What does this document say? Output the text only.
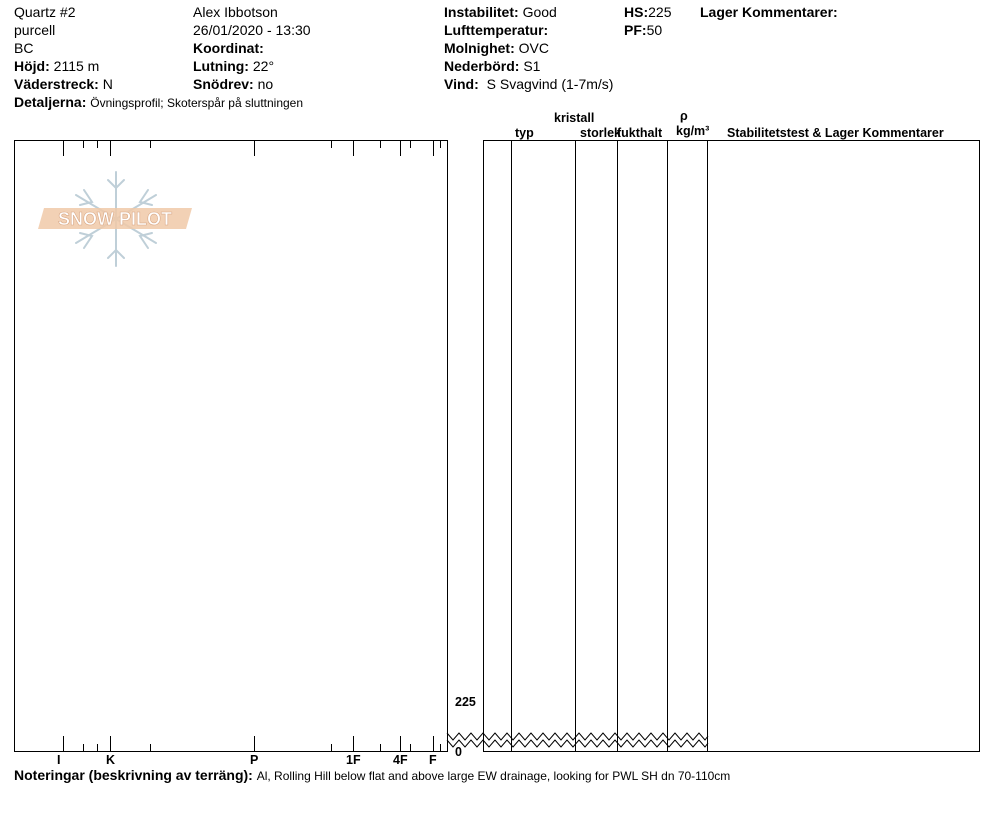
SNOW PILOT
Quartz #2
purcell
BC
Höjd: 2115 m
Väderstreck: N
Detaljerna: Övningsprofil; Skoterspår på sluttningen
Alex Ibbotson
26/01/2020 - 13:30
Koordinat:
Lutning: 22°
Snödrev: no
Instabilitet: Good
Lufttemperatur:
Molnighet: OVC
Nederbörd: S1
Vind: S Svagvind (1-7m/s)
HS:225
PF:50
Lager Kommentarer:
kristall
typ	storlek
fukthalt
ρ
kg/m³ Stabilitetstest & Lager Kommentarer
225
0
I	K	P	1F	4F F
Noteringar (beskrivning av terräng): Al, Rolling Hill below flat and above large EW drainage, looking for PWL SH dn 70-110cm
